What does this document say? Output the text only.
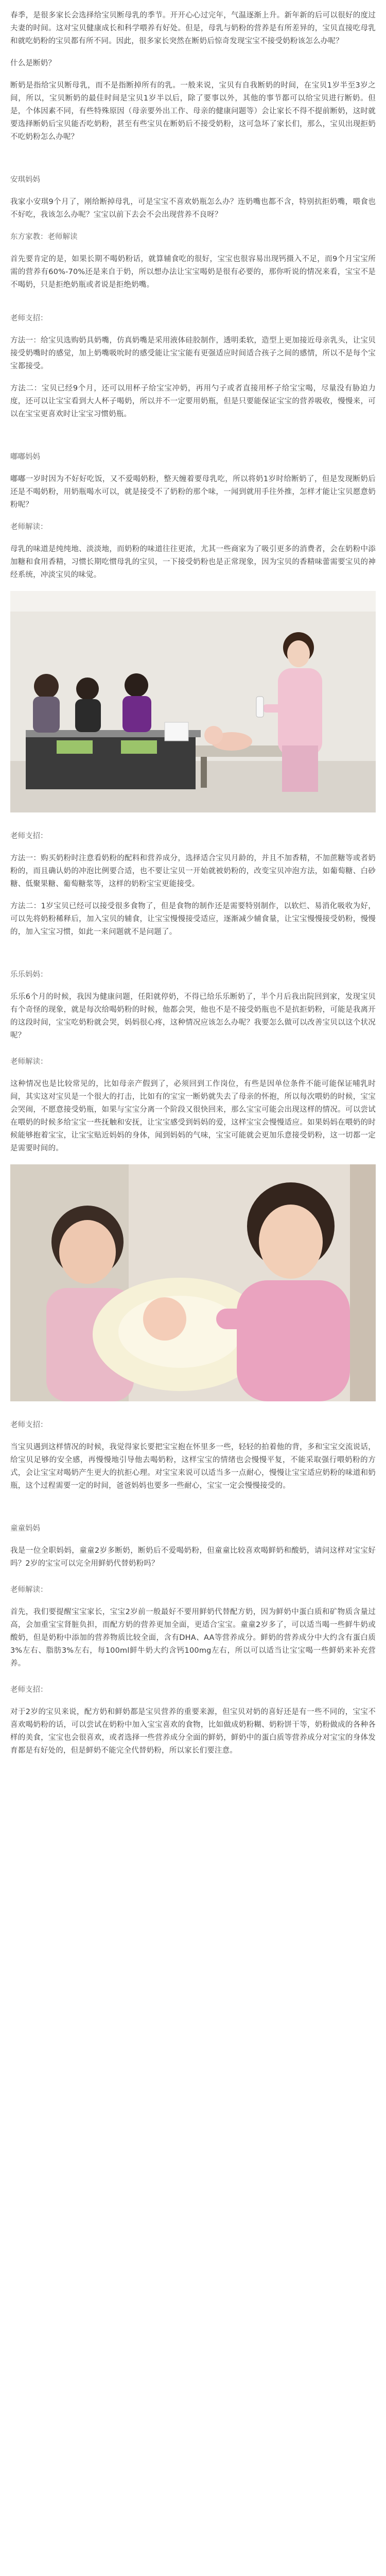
春季，是很多家长会选择给宝贝断母乳的季节。开开心心过完年，气温逐渐上升。新年新的后可以很好的度过夫妻的时间。这对宝贝健康成长和科学喂养有好处。但是，母乳与奶粉的营养是有所差异的，宝贝直接吃母乳和就吃奶粉的宝贝都有所不同。因此，很多家长突然在断奶后惊奇发现宝宝不接受奶粉该怎么办呢？

什么是断奶？

断奶是指给宝贝断母乳，而不是指断掉所有的乳。一般来说，宝贝有自我断奶的时间，在宝贝1岁半至3岁之间，所以，宝贝断奶的最佳时间是宝贝1岁半以后，除了要事以外，其他的事节都可以给宝贝进行断奶。但是，个体因素不同，有些特殊原因（母亲要外出工作、母亲的健康问题等）会让家长不得不提前断奶，这时就要选择断奶后宝贝能否吃奶粉，甚至有些宝贝在断奶后不接受奶粉，这可急坏了家长们，那么，宝贝出现拒奶不吃奶粉怎么办呢？

安琪妈妈

我家小安琪9个月了，刚给断掉母乳，可是宝宝不喜欢奶瓶怎么办？连奶嘴也都不含，特别抗拒奶嘴，喂食也不好吃，我该怎么办呢？宝宝以前下去会不会出现营养不良呀？

东方家教：老师解读

首先要肯定的是，如果长期不喝奶粉话，就算辅食吃的很好，宝宝也很容易出现钙摄入不足，而9个月宝宝所需的营养有60%-70%还是来自于奶，所以想办法让宝宝喝奶是很有必要的，那你听说的情况来看，宝宝不是不喝奶，只是拒绝奶瓶或者说是拒绝奶嘴。

老师支招：

方法一：给宝贝选购奶具奶嘴，仿真奶嘴是采用液体硅胶制作，透明柔软，造型上更加接近母亲乳头，让宝贝接受奶嘴时的感觉，加上奶嘴吸吮时的感受能让宝宝能有更强适应时间适合孩子之间的感情，所以不是每个宝宝都接受。

方法二：宝贝已经9个月，还可以用杯子给宝宝冲奶，再用勺子或者直接用杯子给宝宝喝，尽量没有胁迫力度，还可以让宝宝看到大人杯子喝奶，所以并不一定要用奶瓶，但是只要能保证宝宝的营养吸收，慢慢来，可以在宝宝更喜欢时让宝宝习惯奶瓶。

嘟嘟妈妈

嘟嘟一岁时因为不好好吃饭，又不爱喝奶粉，整天缠着要母乳吃，所以将奶1岁时给断奶了，但是发现断奶后还是不喝奶粉，用奶瓶喝水可以，就是接受不了奶粉的那个味，一闻到就用手往外推，怎样才能让宝贝愿意奶粉呢？

老师解读：

母乳的味道是纯纯地、淡淡地，而奶粉的味道往往更浓，尤其一些商家为了吸引更多的消费者，会在奶粉中添加糖和食用香精，习惯长期吃惯母乳的宝贝，一下接受奶粉也是正常现象，因为宝贝的香精味蕾需要宝贝的神经系统，冲淡宝贝的味觉。

老师支招：

方法一：购买奶粉时注意看奶粉的配料和营养成分，选择适合宝贝月龄的，并且不加香精，不加蔗糖等或者奶粉的，而且确认奶的冲泡比例要合适，也不要让宝贝一开始就被奶粉的，改变宝贝冲泡方法，如葡萄糖、白砂糖、低聚果糖、葡萄糖浆等，这样的奶粉宝宝更能接受。

方法二：1岁宝贝已经可以接受很多食物了，但是食物的制作还是需要特别制作，以软烂、易消化吸收为好，可以先将奶粉稀释后，加入宝贝的辅食，让宝宝慢慢接受适应，逐渐减少辅食量，让宝宝慢慢接受奶粉，慢慢的，加入宝宝习惯，如此一来问题就不是问题了。

乐乐妈妈：

乐乐6个月的时候，我因为健康问题，任阳就停奶，不得已给乐乐断奶了，半个月后我出院回到家，发现宝贝有个奇怪的现象，就是每次给喝奶粉的时候，他都会哭，他也不是不接受奶瓶也不是抗拒奶粉，可能是我离开的这段时间，宝宝吃奶粉就会哭，妈妈很心疼，这种情况应该怎么办呢？我要怎么做可以改善宝贝以这个状况呢？

老师解读：

这种情况也是比较常见的，比如母亲产假到了，必须回到工作岗位，有些是因单位条件不能可能保证哺乳时间，其实这对宝贝是一个很大的打击，比如有的宝宝一断奶就失去了母亲的怀抱，所以每次喂奶的时候，宝宝会哭闹，不愿意接受奶瓶，如果与宝宝分离一个阶段又很快回来，那么宝宝可能会出现这样的情况。可以尝试在喂奶的时候多给宝宝一些抚触和安抚，让宝宝感受到妈妈的爱，这样宝宝会慢慢适应。如果妈妈在喂奶的时候能够抱着宝宝，让宝宝贴近妈妈的身体，闻到妈妈的气味，宝宝可能就会更加乐意接受奶粉，这一切都一定是需要时间的。

老师支招：

当宝贝遇到这样情况的时候，我觉得家长要把宝宝抱在怀里多一些，轻轻的拍着他的背，多和宝宝交流说话，给宝贝足够的安全感，再慢慢地引导他去喝奶粉，这样宝宝的情绪也会慢慢平复，不能采取强行喂奶粉的方式，会让宝宝对喝奶产生更大的抗拒心理。对宝宝来说可以适当多一点耐心，慢慢让宝宝适应奶粉的味道和奶瓶，这个过程需要一定的时间，爸爸妈妈也要多一些耐心，宝宝一定会慢慢接受的。

童童妈妈

我是一位全职妈妈，童童2岁多断奶，断奶后不爱喝奶粉，但童童比较喜欢喝鲜奶和酸奶，请问这样对宝宝好吗？2岁的宝宝可以完全用鲜奶代替奶粉吗？

老师解读：

首先，我们要提醒宝宝家长，宝宝2岁前一般最好不要用鲜奶代替配方奶，因为鲜奶中蛋白质和矿物质含量过高，会加重宝宝肾脏负担，而配方奶的营养更加全面，更适合宝宝。童童2岁多了，可以适当喝一些鲜牛奶或酸奶，但是奶粉中添加的营养物质比较全面，含有DHA、AA等营养成分。鲜奶的营养成分中大约含有蛋白质3%左右、脂肪3%左右，每100ml鲜牛奶大约含钙100mg左右，所以可以适当让宝宝喝一些鲜奶来补充营养。

老师支招：

对于2岁的宝贝来说，配方奶和鲜奶都是宝贝营养的重要来源，但宝贝对奶的喜好还是有一些不同的，宝宝不喜欢喝奶粉的话，可以尝试在奶粉中加入宝宝喜欢的食物，比如做成奶粉糊、奶粉饼干等，奶粉做成的各种各样的美食，宝宝也会很喜欢，或者选择一些营养成分全面的鲜奶，鲜奶中的蛋白质等营养成分对宝宝的身体发育都是有好处的，但是鲜奶不能完全代替奶粉，所以家长们要注意。
